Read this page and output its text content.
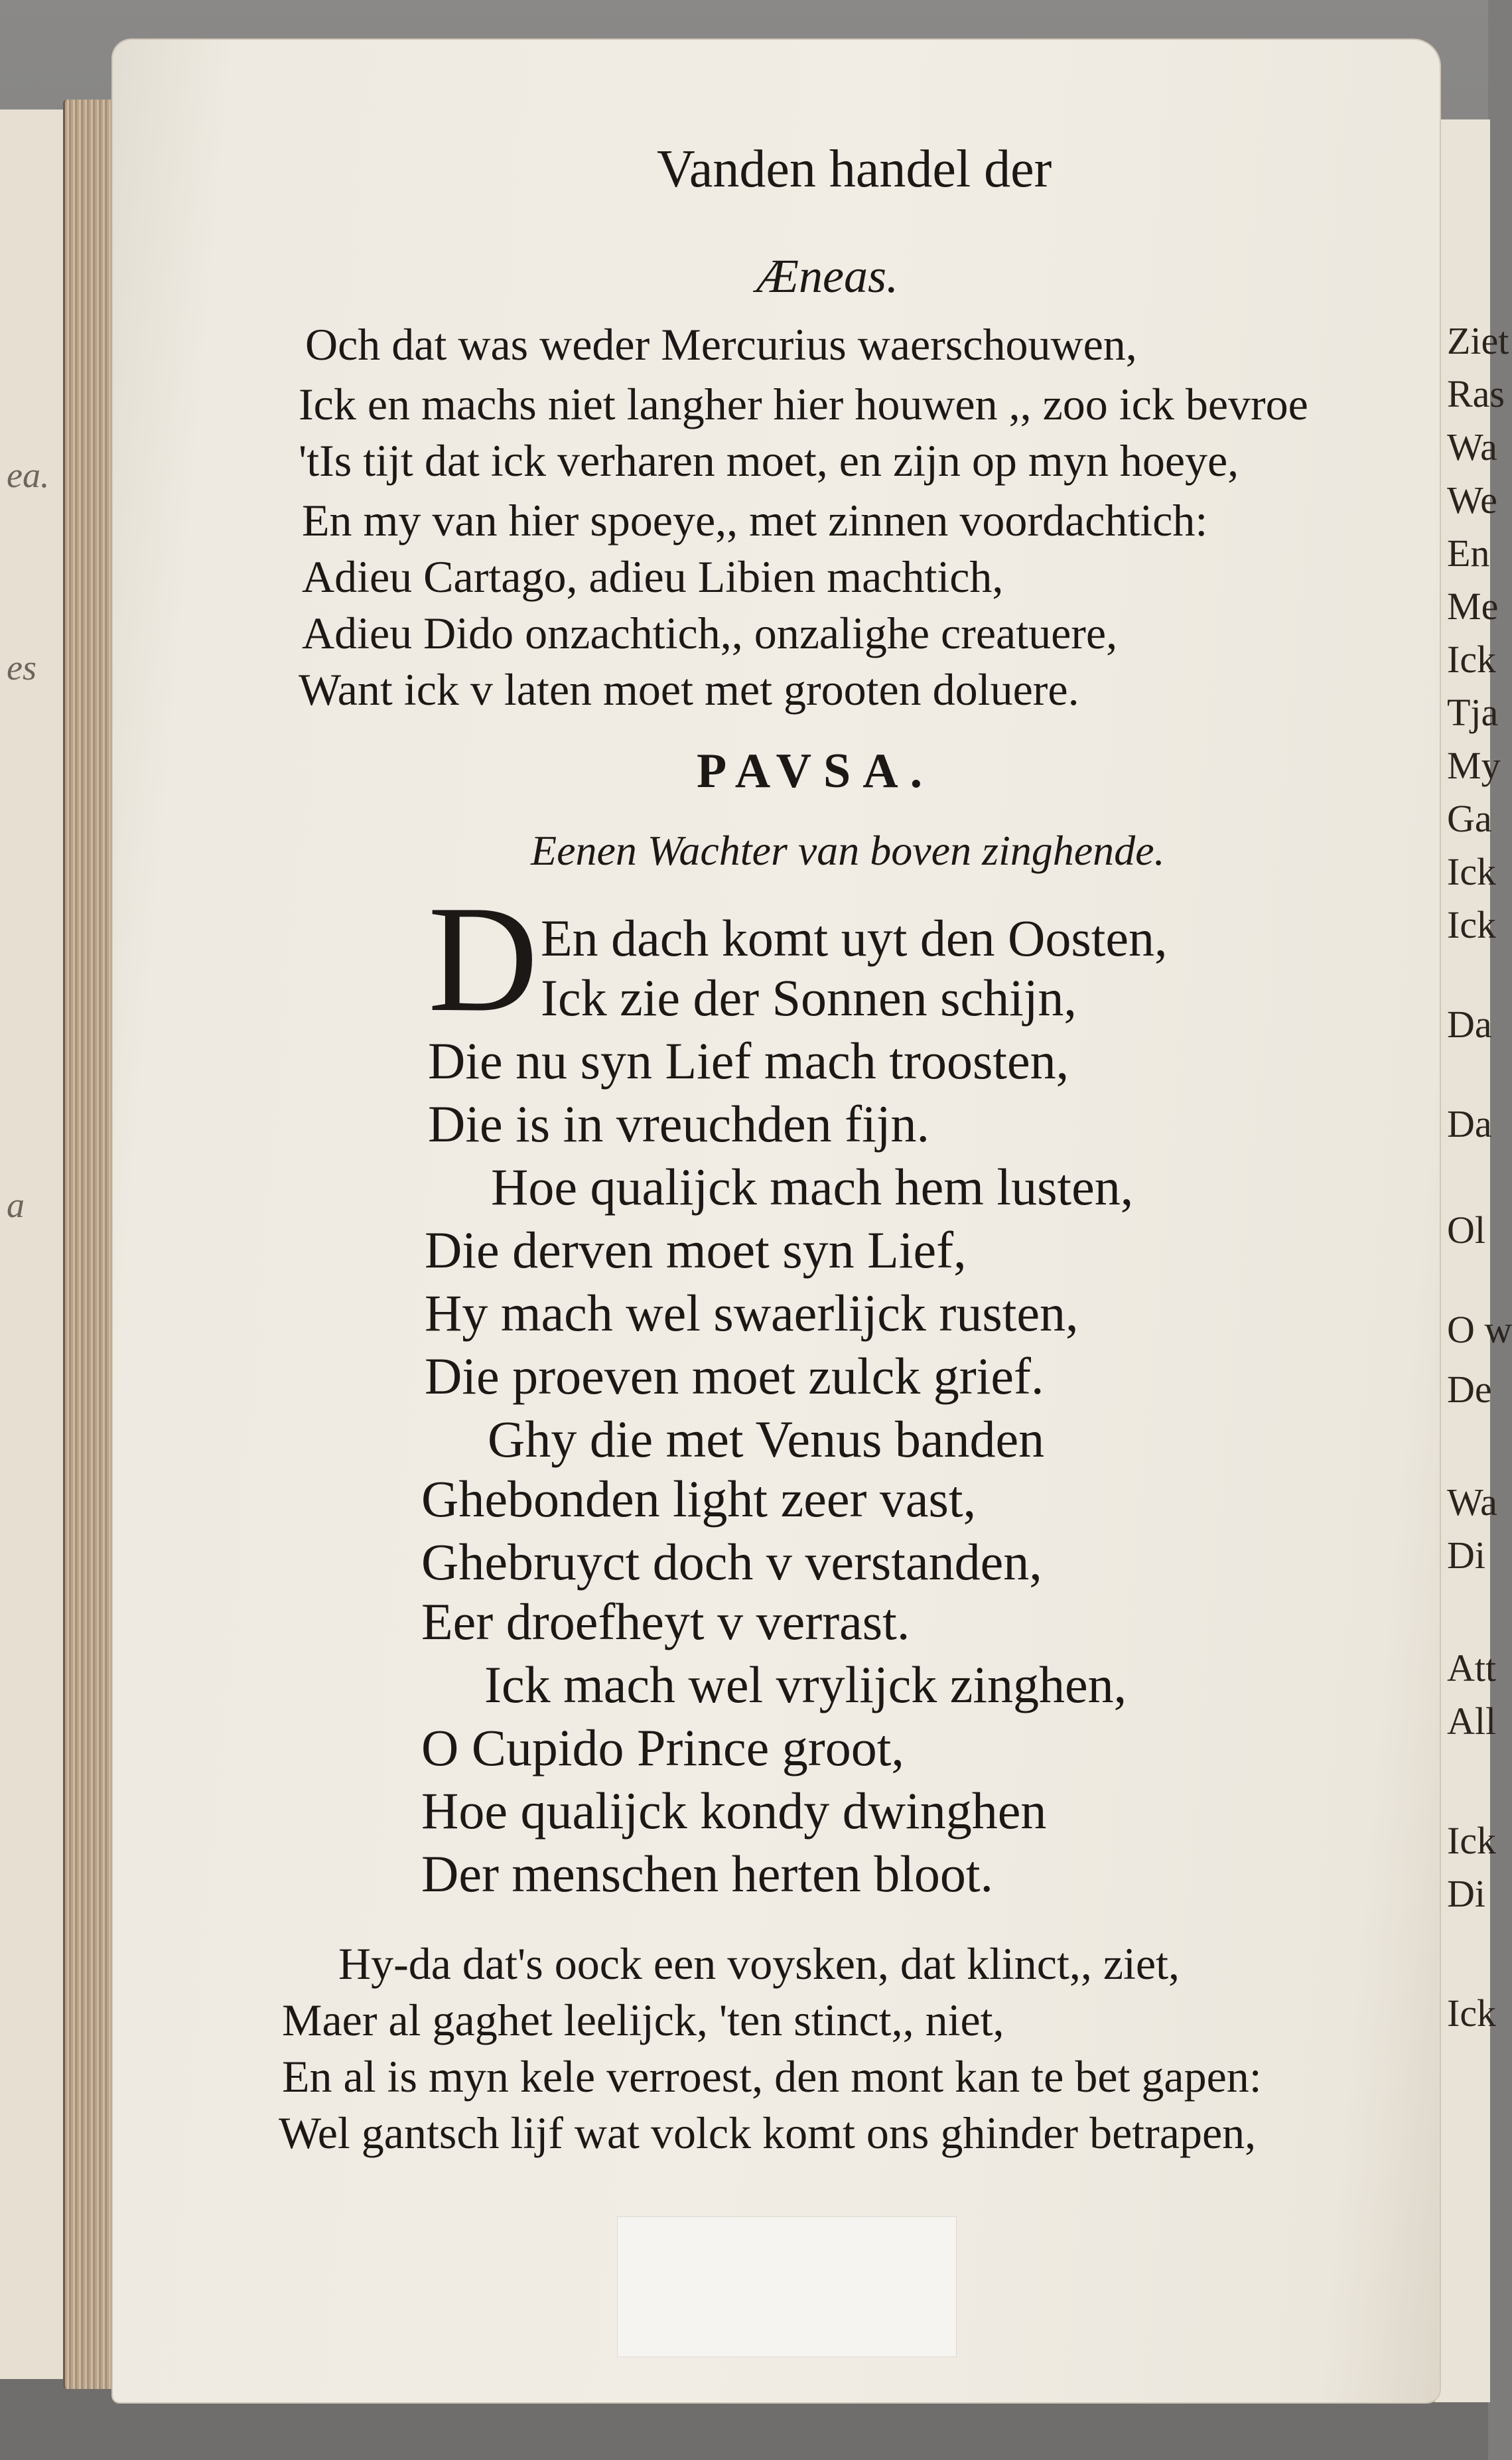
ea.
es
a
Ziet
Ras
Wa
We
En
Me
Ick
Tja
My
Ga
Ick
Ick
Da
Da
Ol
O w
De
Wa
Di
Att
All
Ick
Di
Ick
Vanden handel der
Æneas.
Och dat was weder Mercurius waerschouwen,
Ick en machs niet langher hier houwen ,, zoo ick bevroe
'tIs tijt dat ick verharen moet, en zijn op myn hoeye,
En my van hier spoeye,, met zinnen voordachtich:
Adieu Cartago, adieu Libien machtich,
Adieu Dido onzachtich,, onzalighe creatuere,
Want ick v laten moet met grooten doluere.
PAVSA.
Eenen Wachter van boven zinghende.
D En dach komt uyt den Oosten,
Ick zie der Sonnen schijn,
Die nu syn Lief mach troosten,
Die is in vreuchden fijn.
Hoe qualijck mach hem lusten,
Die derven moet syn Lief,
Hy mach wel swaerlijck rusten,
Die proeven moet zulck grief.
Ghy die met Venus banden
Ghebonden light zeer vast,
Ghebruyct doch v verstanden,
Eer droefheyt v verrast.
Ick mach wel vrylijck zinghen,
O Cupido Prince groot,
Hoe qualijck kondy dwinghen
Der menschen herten bloot.
Hy-da dat's oock een voysken, dat klinct,, ziet,
Maer al gaghet leelijck, 'ten stinct,, niet,
En al is myn kele verroest, den mont kan te bet gapen:
Wel gantsch lijf wat volck komt ons ghinder betrapen,
